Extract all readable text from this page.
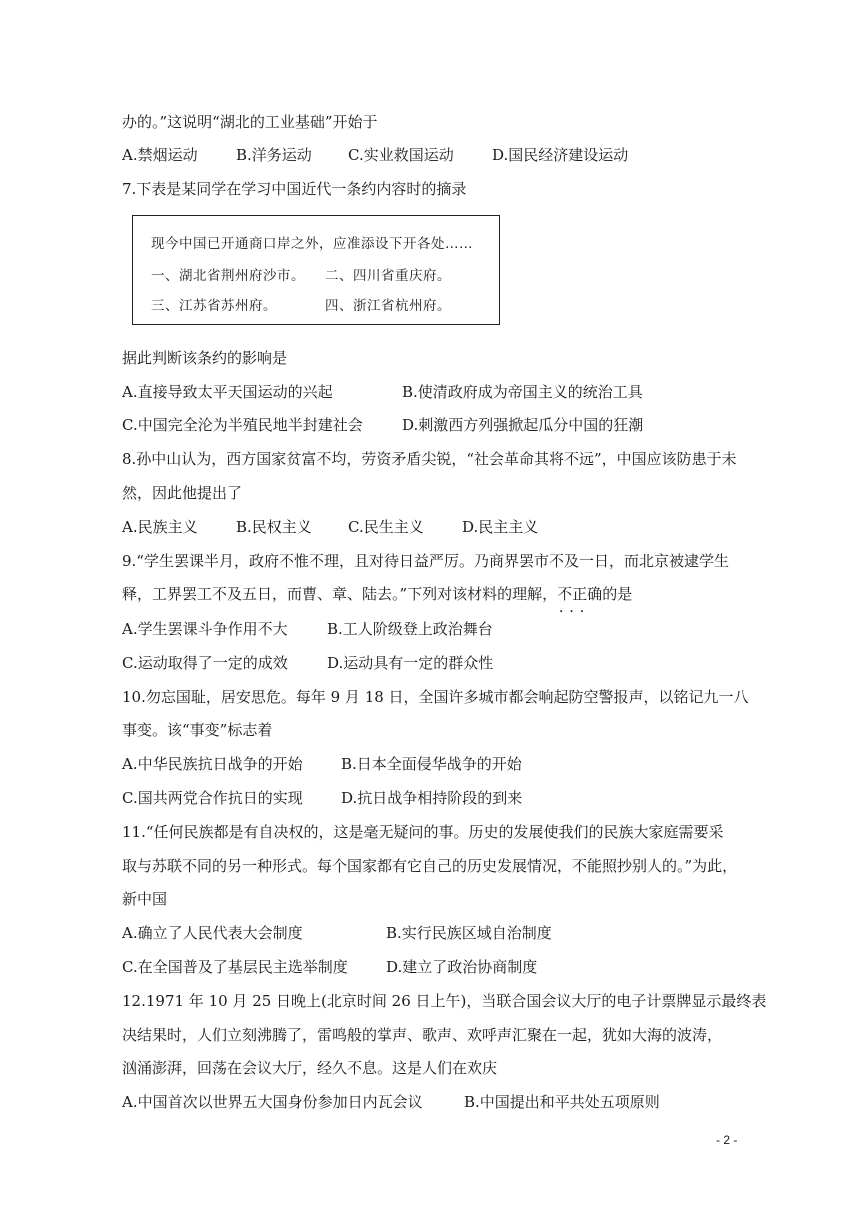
办的。”这说明“湖北的工业基础”开始于
A.禁烟运动	B.洋务运动 C.实业救国运动	D.国民经济建设运动
7.下表是某同学在学习中国近代一条约内容时的摘录
现今中国已开通商口岸之外，应准添设下开各处……
一、湖北省荆州府沙市。 二、四川省重庆府。
三、江苏省苏州府。	四、浙江省杭州府。
据此判断该条约的影响是
A.直接导致太平天国运动的兴起	B.使清政府成为帝国主义的统治工具
C.中国完全沦为半殖民地半封建社会	D.刺激西方列强掀起瓜分中国的狂潮
8.孙中山认为，西方国家贫富不均，劳资矛盾尖锐，“社会革命其将不远”，中国应该防患于未
然，因此他提出了
A.民族主义	B.民权主义 C.民生主义	D.民主主义
9.“学生罢课半月，政府不惟不理，且对待日益严厉。乃商界罢市不及一日，而北京被逮学生
释，工界罢工不及五日，而曹、章、陆去。”下列对该材料的理解，不正确 • • •的是
A.学生罢课斗争作用不大	B.工人阶级登上政治舞台
C.运动取得了一定的成效	D.运动具有一定的群众性
10.勿忘国耻，居安思危。每年 9 月 18 日，全国许多城市都会响起防空警报声，以铭记九一八
事变。该“事变”标志着
A.中华民族抗日战争的开始	B.日本全面侵华战争的开始
C.国共两党合作抗日的实现	D.抗日战争相持阶段的到来
11.“任何民族都是有自决权的，这是毫无疑问的事。历史的发展使我们的民族大家庭需要采
取与苏联不同的另一种形式。每个国家都有它自己的历史发展情况，不能照抄别人的。”为此，
新中国
A.确立了人民代表大会制度	B.实行民族区域自治制度
C.在全国普及了基层民主选举制度	D.建立了政治协商制度
12.1971 年 10 月 25 日晚上(北京时间 26 日上午)，当联合国会议大厅的电子计票牌显示最终表
决结果时，人们立刻沸腾了，雷鸣般的掌声、歌声、欢呼声汇聚在一起，犹如大海的波涛，
汹涌澎湃，回荡在会议大厅，经久不息。这是人们在欢庆
A.中国首次以世界五大国身份参加日内瓦会议	B.中国提出和平共处五项原则
- 2 -
